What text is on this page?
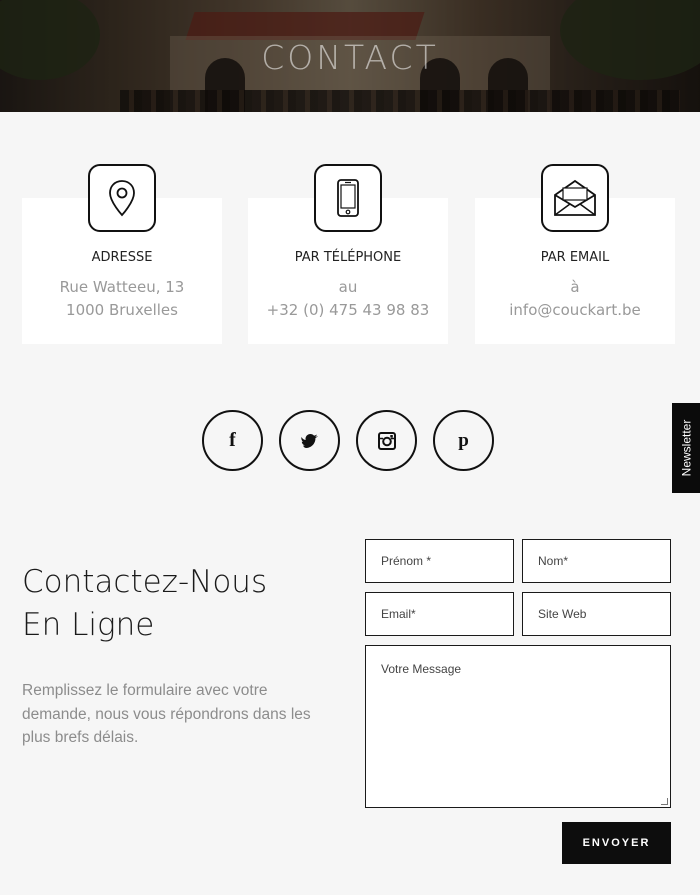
CONTACT
ADRESSE
Rue Watteeu, 13
1000 Bruxelles
PAR TÉLÉPHONE
au
+32 (0) 475 43 98 83
PAR EMAIL
à
info@couckart.be
f	p	Newsletter
Contactez-Nous
En Ligne
Remplissez le formulaire avec votre demande, nous vous répondrons dans les plus brefs délais.
Prénom *	Nom*
Email*	Site Web
Votre Message
ENVOYER
